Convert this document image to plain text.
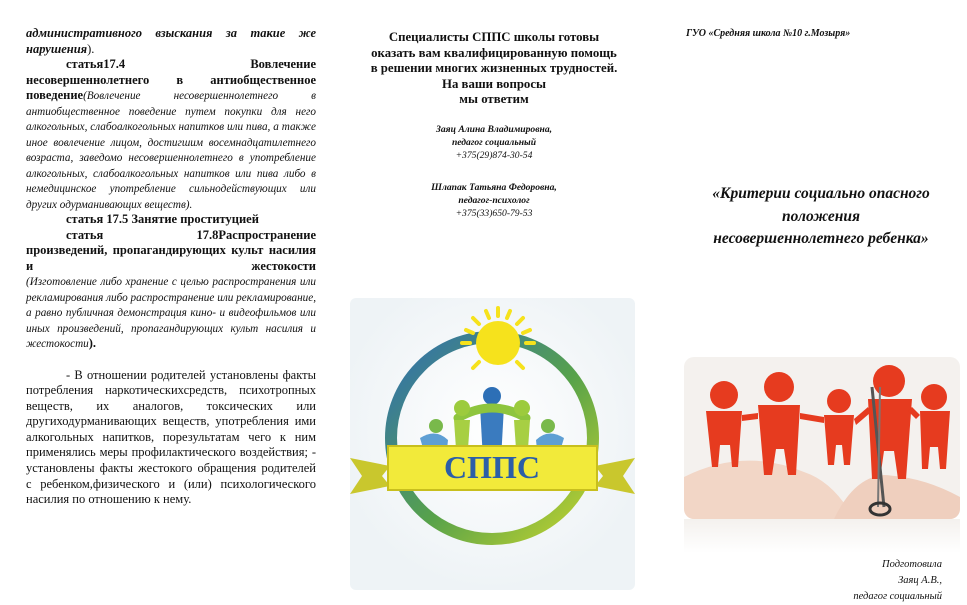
административного взыскания за такие же нарушения).

статья17.4	Вовлечение

несовершеннолетнего в антиобщественное

поведение(Вовлечение несовершеннолетнего в антиобщественное поведение путем покупки для него алкогольных, слабоалкогольных напитков или пива, а также иное вовлечение лицом, достигшим восемнадцатилетнего возраста, заведомо несовершеннолетнего в употребление алкогольных, слабоалкогольных напитков или пива либо в немедицинское употребление сильнодействующих или других одурманивающих веществ).

статья 17.5 Занятие проституцией

статья	17.8Распространение

произведений, пропагандирующих культ насилия и жестокости

(Изготовление либо хранение с целью распространения или рекламирования либо распространение или рекламирование, а равно публичная демонстрация кино- и видеофильмов или иных произведений, пропагандирующих культ насилия и жестокости).

- В отношении родителей установлены факты потребления наркотическихсредств, психотропных веществ, их аналогов, токсических или другиходурманивающих веществ, употребления ими алкогольных напитков, порезультатам чего к ним применялись меры профилактического воздействия; - установлены факты жестокого обращения родителей с ребенком,физического и (или) психологического насилия по отношению к нему.

Специалисты СППС школы готовы
оказать вам квалифицированную помощь
в решении многих жизненных трудностей.
На ваши вопросы
мы ответим
Заяц Алина Владимировна,
педагог социальный
+375(29)874-30-54
Шлапак Татьяна Федоровна,
педагог-психолог
+375(33)650-79-53
СППС
ГУО «Средняя школа №10 г.Мозыря»
«Критерии социально опасного
положения
несовершеннолетнего ребенка»
Подготовила
Заяц А.В.,
педагог социальный
